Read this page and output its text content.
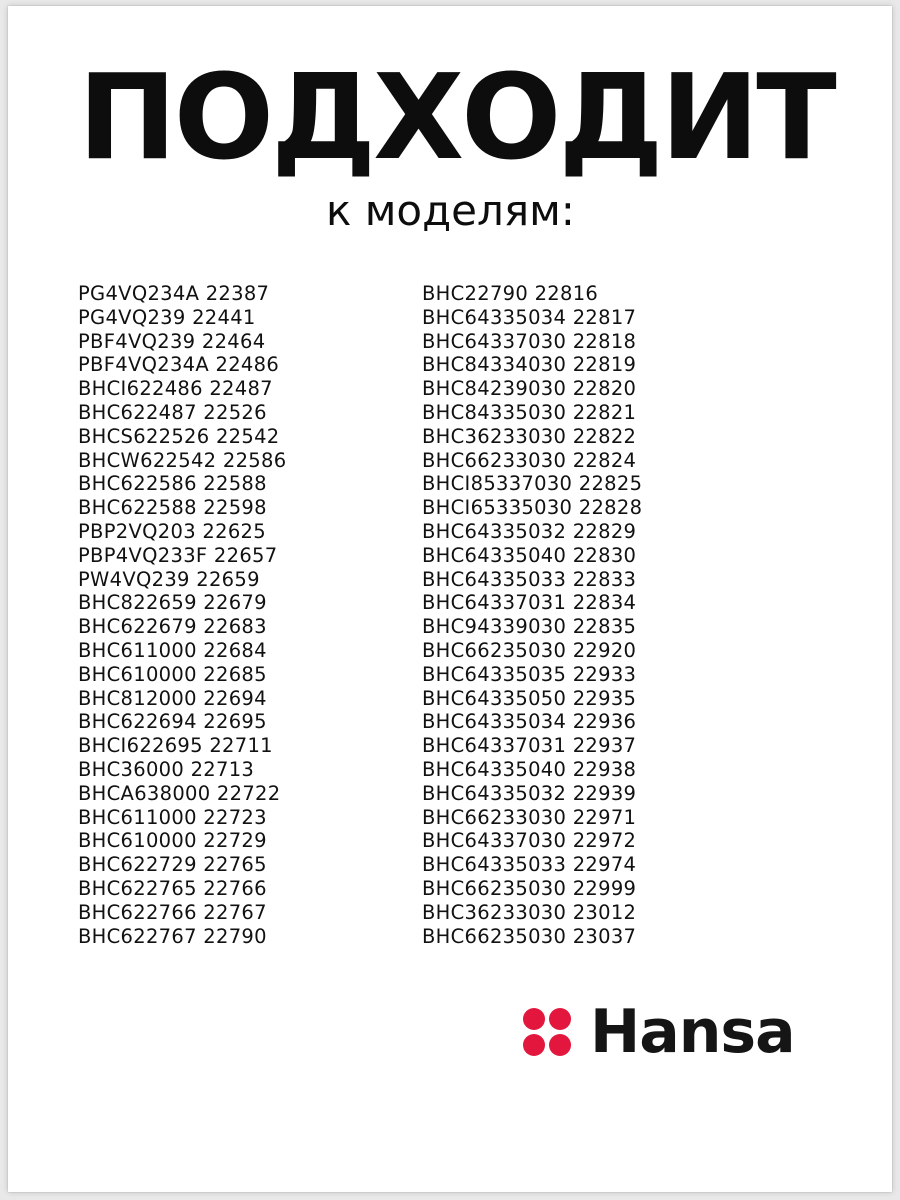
ПОДХОДИТ
к моделям:
PG4VQ234A 22387
PG4VQ239 22441
PBF4VQ239 22464
PBF4VQ234A 22486
BHCI622486 22487
BHC622487 22526
BHCS622526 22542
BHCW622542 22586
BHC622586 22588
BHC622588 22598
PBP2VQ203 22625
PBP4VQ233F 22657
PW4VQ239 22659
BHC822659 22679
BHC622679 22683
BHC611000 22684
BHC610000 22685
BHC812000 22694
BHC622694 22695
BHCI622695 22711
BHC36000 22713
BHCA638000 22722
BHC611000 22723
BHC610000 22729
BHC622729 22765
BHC622765 22766
BHC622766 22767
BHC622767 22790
BHC22790 22816
BHC64335034 22817
BHC64337030 22818
BHC84334030 22819
BHC84239030 22820
BHC84335030 22821
BHC36233030 22822
BHC66233030 22824
BHCI85337030 22825
BHCI65335030 22828
BHC64335032 22829
BHC64335040 22830
BHC64335033 22833
BHC64337031 22834
BHC94339030 22835
BHC66235030 22920
BHC64335035 22933
BHC64335050 22935
BHC64335034 22936
BHC64337031 22937
BHC64335040 22938
BHC64335032 22939
BHC66233030 22971
BHC64337030 22972
BHC64335033 22974
BHC66235030 22999
BHC36233030 23012
BHC66235030 23037
Hansa
